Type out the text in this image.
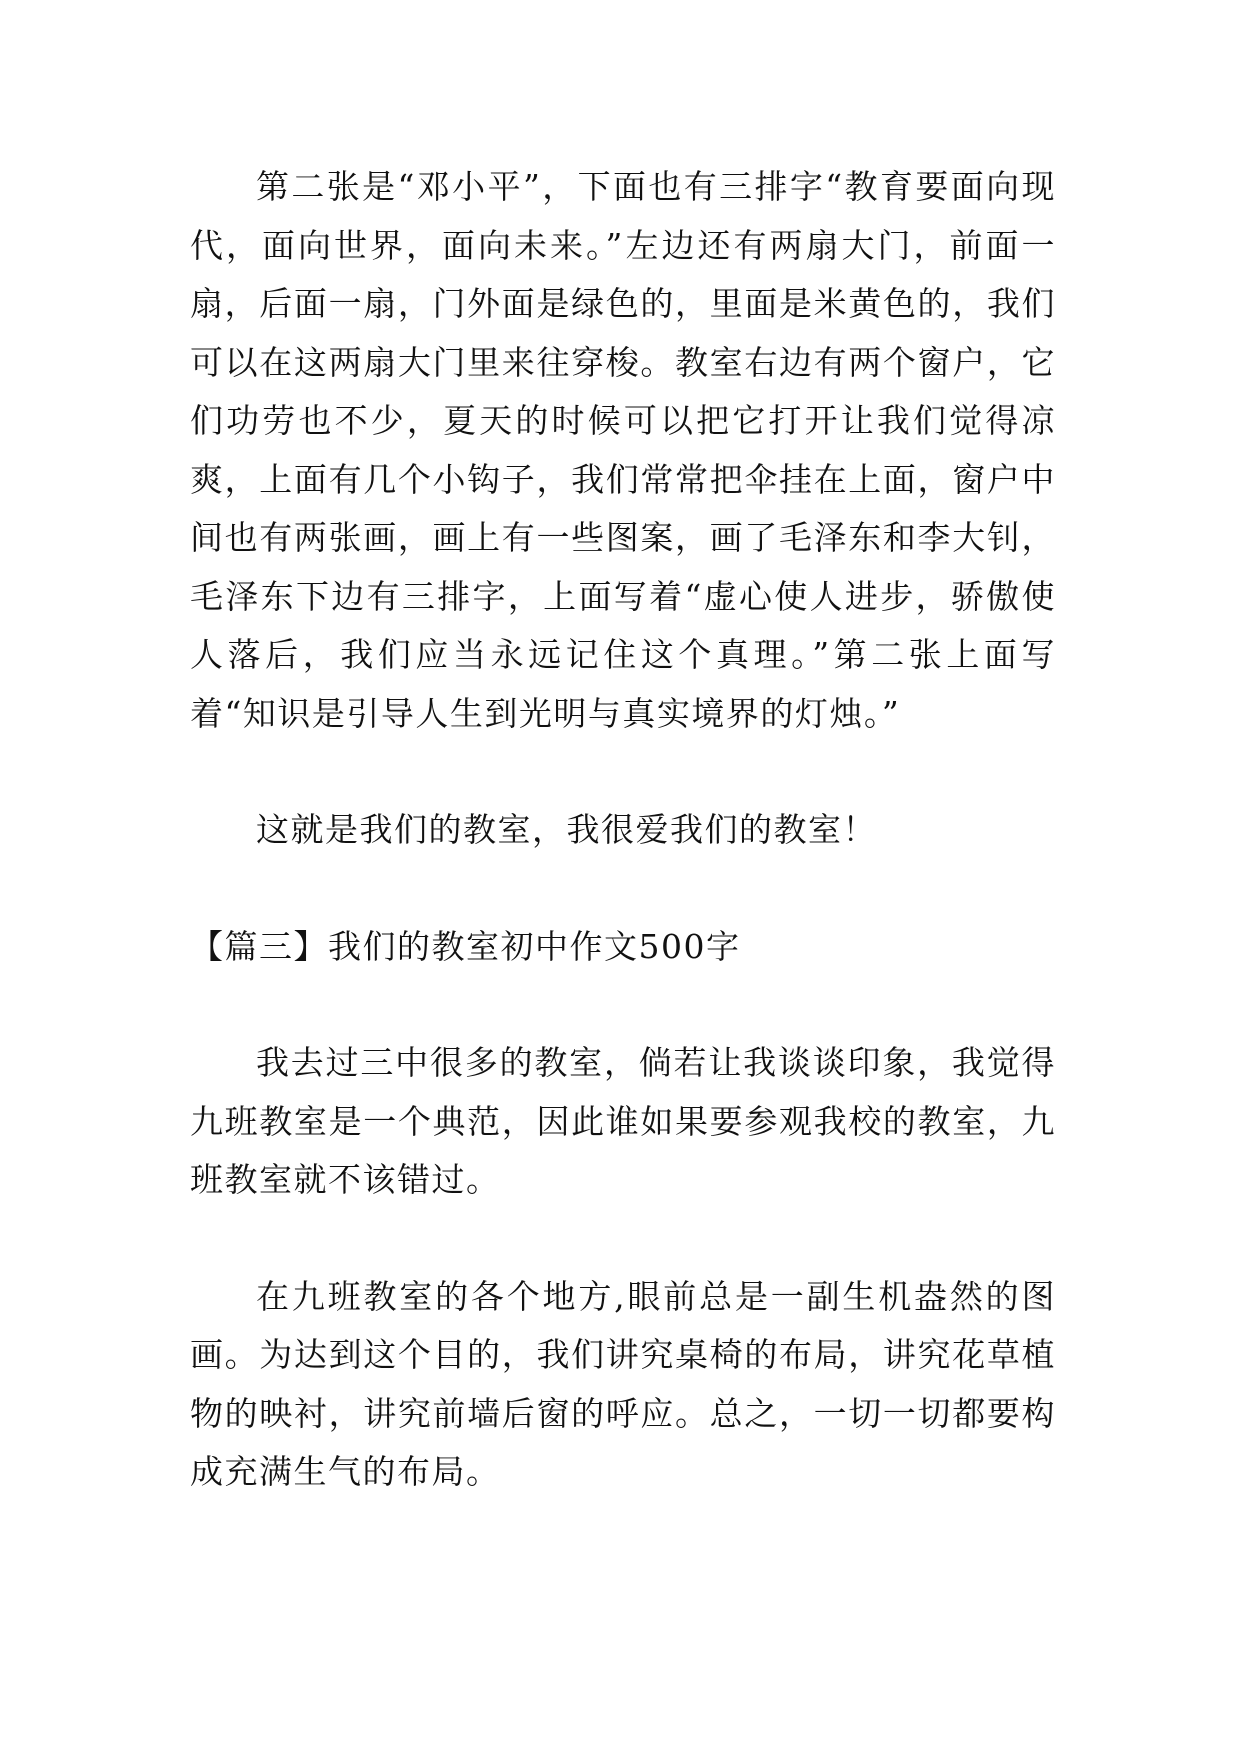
第二张是“邓小平”，下面也有三排字“教育要面向现代，面向世界，面向未来。”左边还有两扇大门，前面一扇，后面一扇，门外面是绿色的，里面是米黄色的，我们可以在这两扇大门里来往穿梭。教室右边有两个窗户，它们功劳也不少，夏天的时候可以把它打开让我们觉得凉爽，上面有几个小钩子，我们常常把伞挂在上面，窗户中间也有两张画，画上有一些图案，画了毛泽东和李大钊，毛泽东下边有三排字，上面写着“虚心使人进步，骄傲使人落后，我们应当永远记住这个真理。”第二张上面写着“知识是引导人生到光明与真实境界的灯烛。”

这就是我们的教室，我很爱我们的教室！

【篇三】我们的教室初中作文500字

我去过三中很多的教室，倘若让我谈谈印象，我觉得九班教室是一个典范，因此谁如果要参观我校的教室，九班教室就不该错过。

在九班教室的各个地方,眼前总是一副生机盎然的图画。为达到这个目的，我们讲究桌椅的布局，讲究花草植物的映衬，讲究前墙后窗的呼应。总之，一切一切都要构成充满生气的布局。
